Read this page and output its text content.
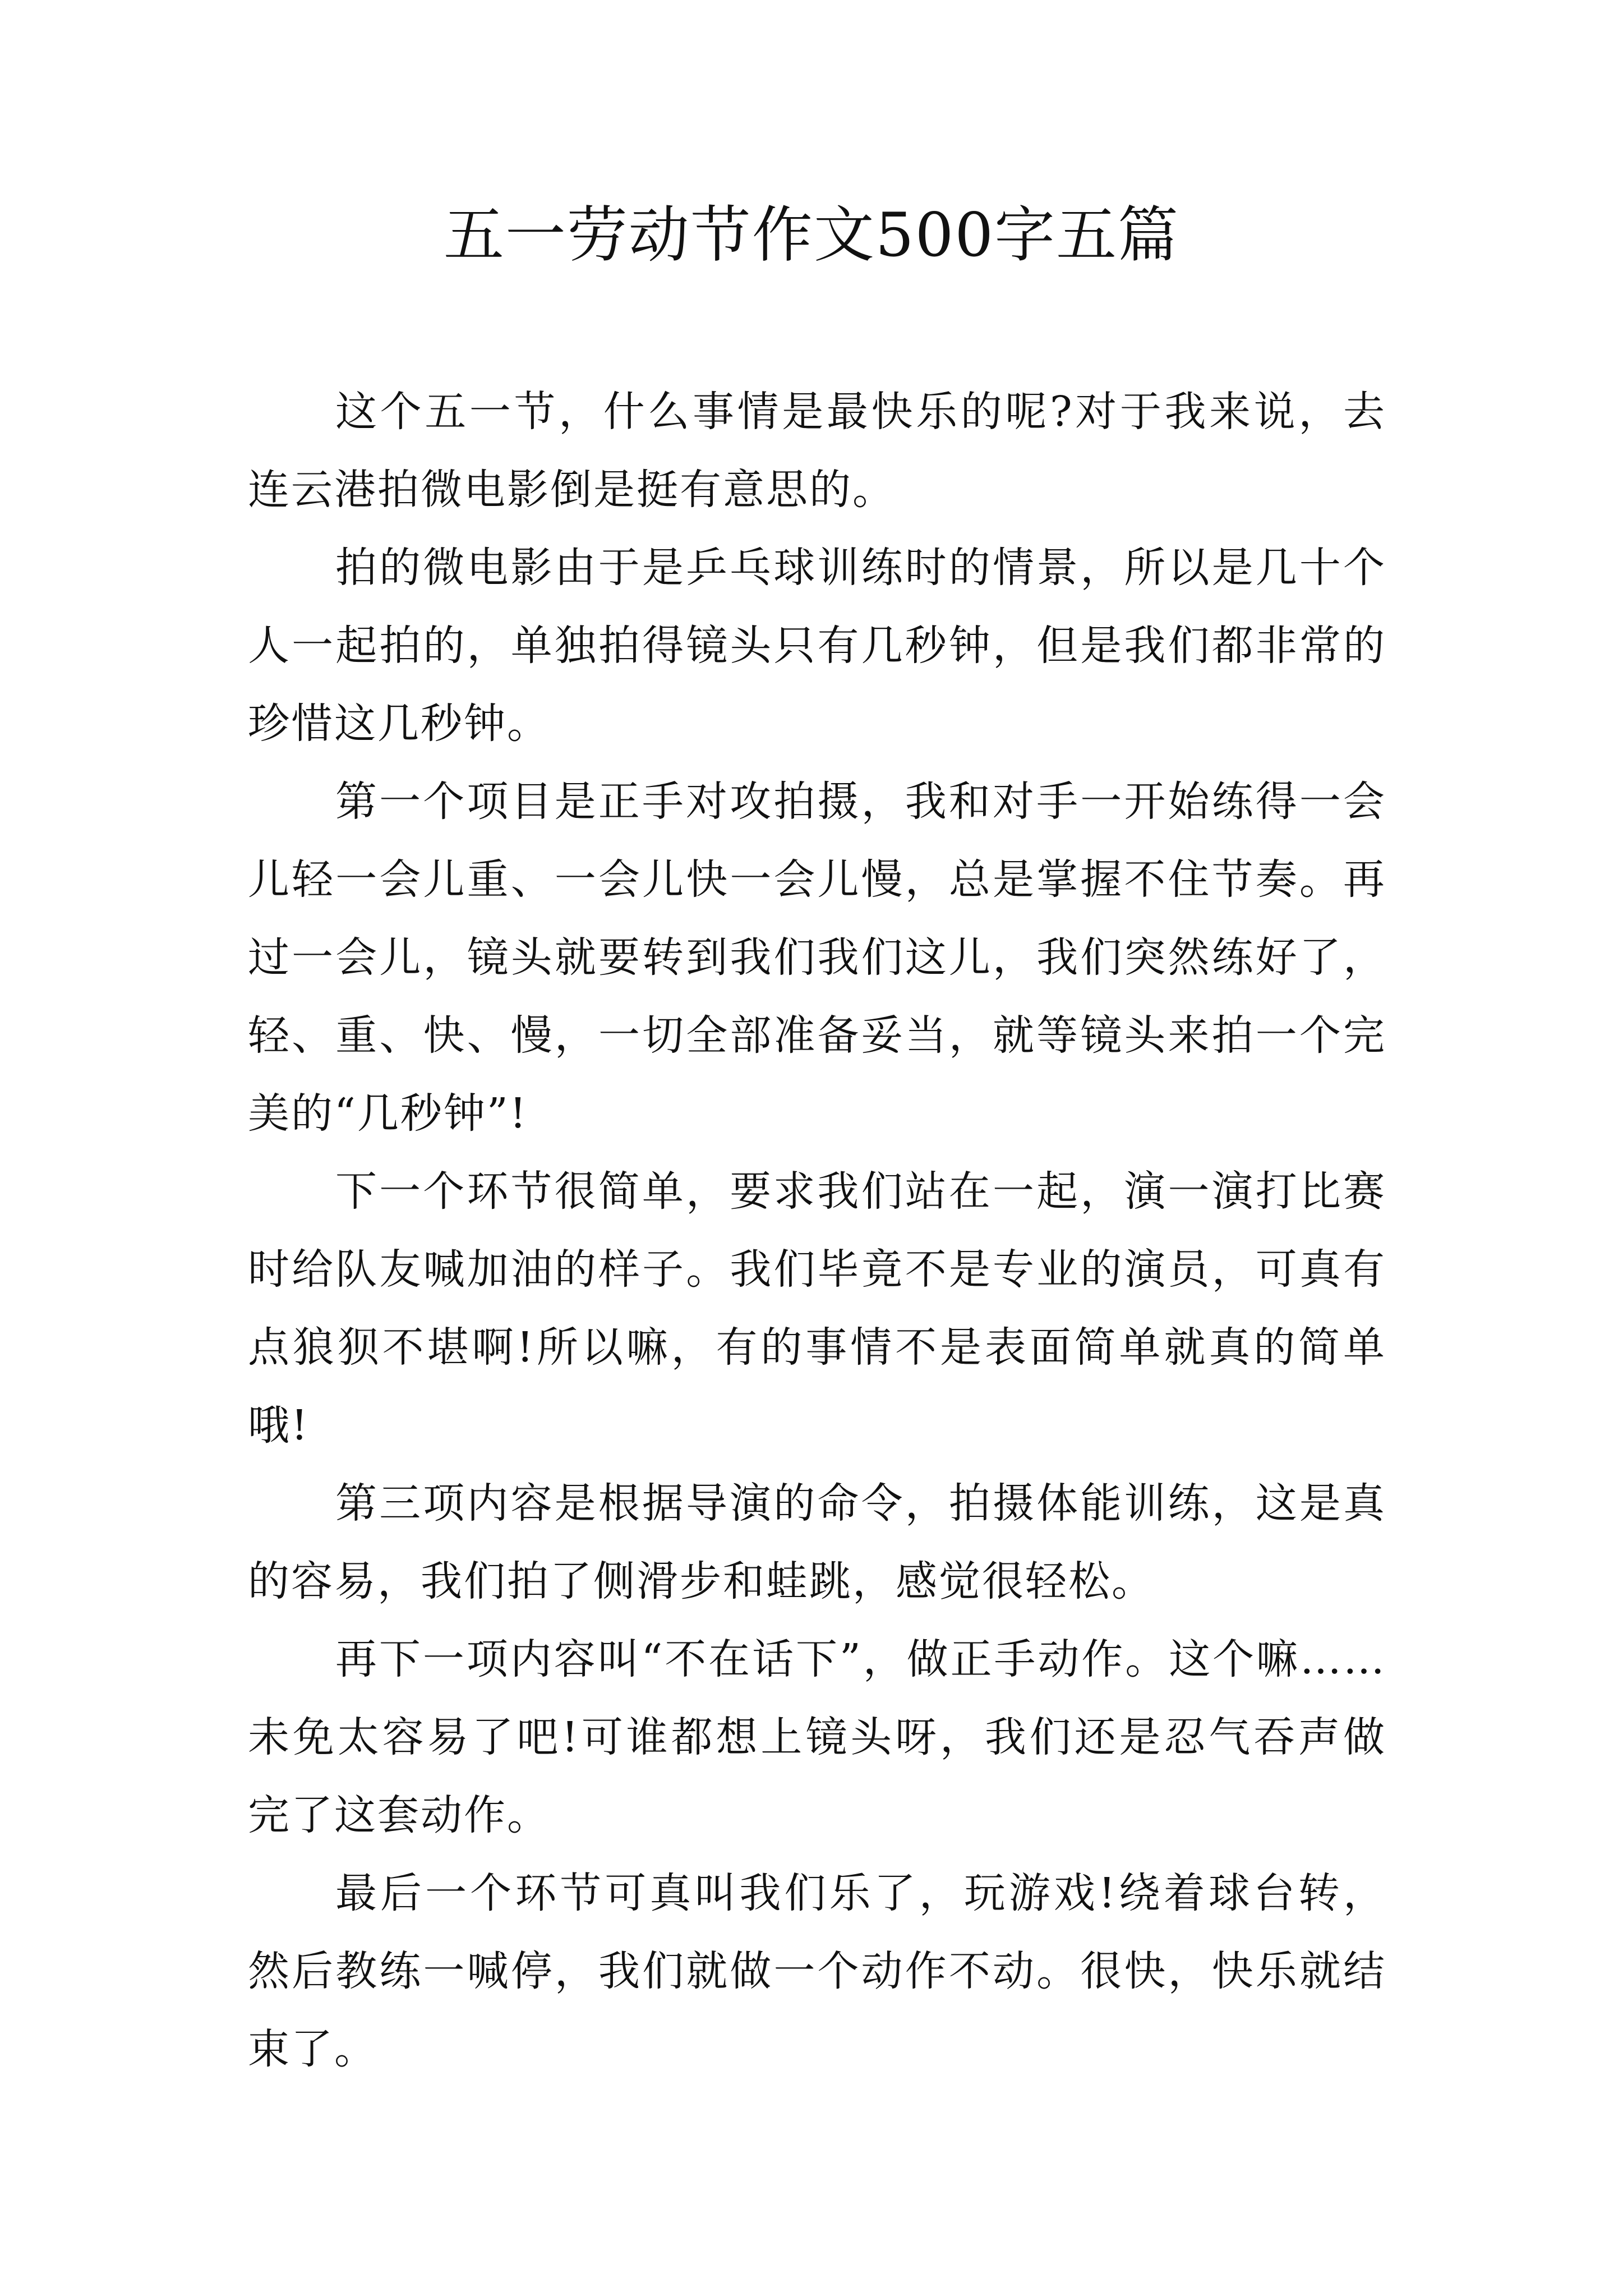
五一劳动节作文500字五篇

这个五一节，什么事情是最快乐的呢?对于我来说，去连云港拍微电影倒是挺有意思的。

拍的微电影由于是乒乓球训练时的情景，所以是几十个人一起拍的，单独拍得镜头只有几秒钟，但是我们都非常的珍惜这几秒钟。

第一个项目是正手对攻拍摄，我和对手一开始练得一会儿轻一会儿重、一会儿快一会儿慢，总是掌握不住节奏。再过一会儿，镜头就要转到我们我们这儿，我们突然练好了，轻、重、快、慢，一切全部准备妥当，就等镜头来拍一个完美的“几秒钟”!

下一个环节很简单，要求我们站在一起，演一演打比赛时给队友喊加油的样子。我们毕竟不是专业的演员，可真有点狼狈不堪啊!所以嘛，有的事情不是表面简单就真的简单哦!

第三项内容是根据导演的命令，拍摄体能训练，这是真的容易，我们拍了侧滑步和蛙跳，感觉很轻松。

再下一项内容叫“不在话下”，做正手动作。这个嘛……未免太容易了吧!可谁都想上镜头呀，我们还是忍气吞声做完了这套动作。

最后一个环节可真叫我们乐了，玩游戏!绕着球台转，然后教练一喊停，我们就做一个动作不动。很快，快乐就结束了。
